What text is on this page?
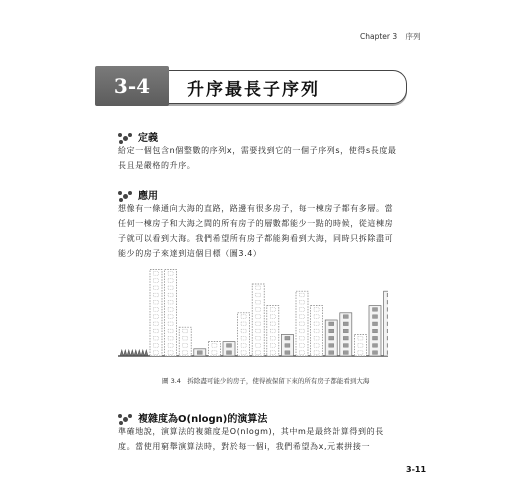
Chapter 3 序列
3-4	升序最長子序列
定義
給定一個包含n個整數的序列x，需要找到它的一個子序列s，使得s長度最長且是嚴格的升序。
應用
想像有一條通向大海的直路，路邊有很多房子，每一棟房子都有多層。當任何一棟房子和大海之間的所有房子的層數都能少一點的時候，從這棟房子就可以看到大海。我們希望所有房子都能夠看到大海，同時只拆除盡可能少的房子來達到這個目標（圖3.4）
圖 3.4　拆除盡可能少的房子，使得被保留下來的所有房子都能看到大海
複雜度為O(nlogn)的演算法
準確地說，演算法的複雜度是O(nlogm)，其中m是最終計算得到的長度。當使用窮舉演算法時，對於每一個i，我們希望為x,元素拼接一
3-11
